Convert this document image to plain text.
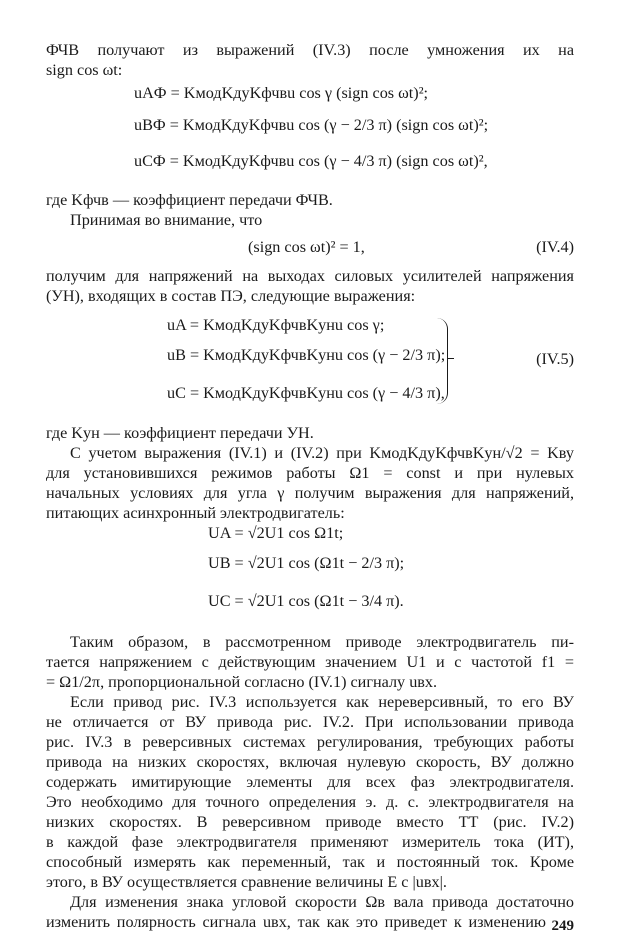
ФЧВ получают из выражений (IV.3) после умножения их на
sign cos ωt:
uAФ = KмодKдуKфчвu cos γ (sign cos ωt)²;
uBФ = KмодKдуKфчвu cos (γ − 2/3 π) (sign cos ωt)²;
uCФ = KмодKдуKфчвu cos (γ − 4/3 π) (sign cos ωt)²,
где Kфчв — коэффициент передачи ФЧВ.
Принимая во внимание, что
(sign cos ωt)² = 1,	(IV.4)
получим для напряжений на выходах силовых усилителей напряжения
(УН), входящих в состав ПЭ, следующие выражения:
uA = KмодKдуKфчвKунu cos γ;
uB = KмодKдуKфчвKунu cos (γ − 2/3 π);
uC = KмодKдуKфчвKунu cos (γ − 4/3 π),
(IV.5)
где Kун — коэффициент передачи УН.
С учетом выражения (IV.1) и (IV.2) при KмодKдуKфчвKун/√2 = Kву
для установившихся режимов работы Ω1 = const и при нулевых
начальных условиях для угла γ получим выражения для напряжений,
питающих асинхронный электродвигатель:
UA = √2U1 cos Ω1t;
UB = √2U1 cos (Ω1t − 2/3 π);
UC = √2U1 cos (Ω1t − 3/4 π).
Таким образом, в рассмотренном приводе электродвигатель пи-
тается напряжением с действующим значением U1 и с частотой f1 =
= Ω1/2π, пропорциональной согласно (IV.1) сигналу uвх.
Если привод рис. IV.3 используется как нереверсивный, то его ВУ
не отличается от ВУ привода рис. IV.2. При использовании привода
рис. IV.3 в реверсивных системах регулирования, требующих работы
привода на низких скоростях, включая нулевую скорость, ВУ должно
содержать имитирующие элементы для всех фаз электродвигателя.
Это необходимо для точного определения э. д. с. электродвигателя на
низких скоростях. В реверсивном приводе вместо ТТ (рис. IV.2)
в каждой фазе электродвигателя применяют измеритель тока (ИТ),
способный измерять как переменный, так и постоянный ток. Кроме
этого, в ВУ осуществляется сравнение величины E с |uвх|.
Для изменения знака угловой скорости Ωв вала привода достаточно
изменить полярность сигнала uвх, так как это приведет к изменению 249
